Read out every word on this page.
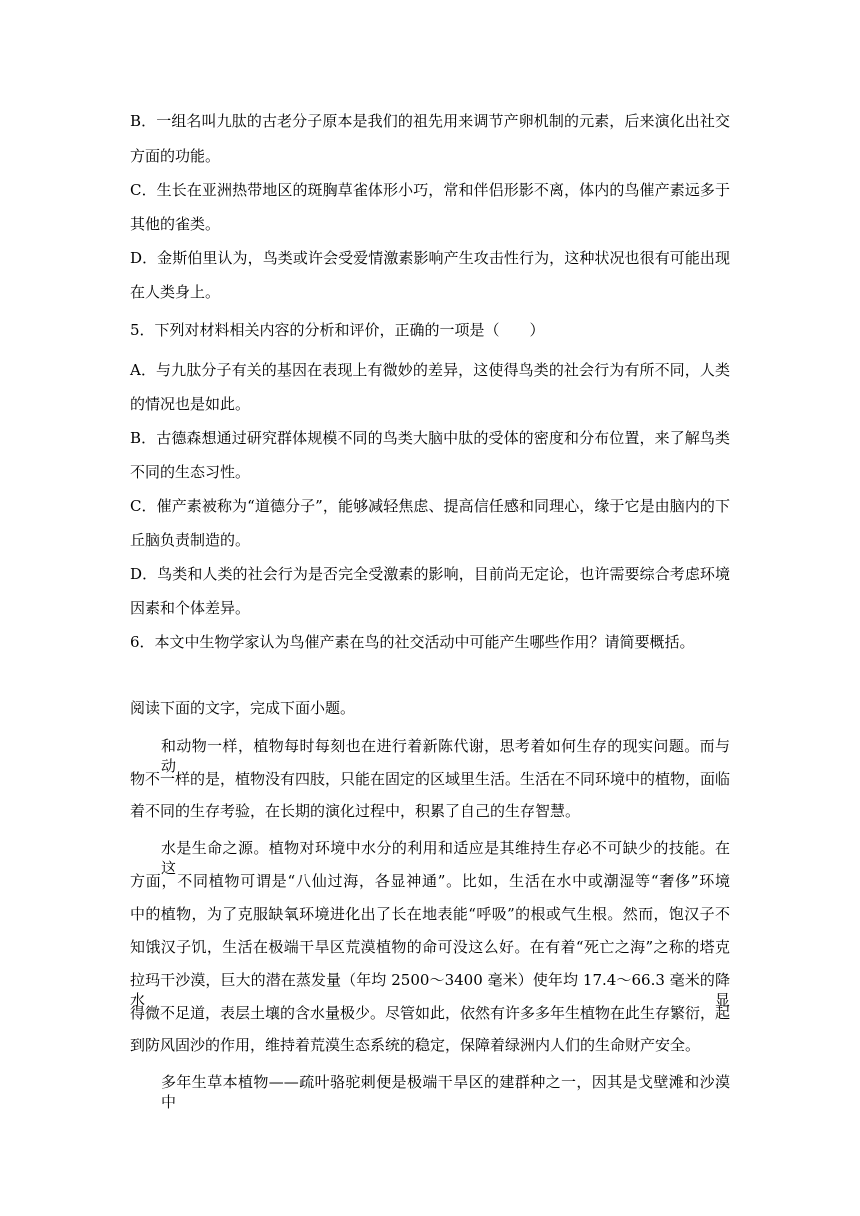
B．一组名叫九肽的古老分子原本是我们的祖先用来调节产卵机制的元素，后来演化出社交
方面的功能。
C．生长在亚洲热带地区的斑胸草雀体形小巧，常和伴侣形影不离，体内的鸟催产素远多于
其他的雀类。
D．金斯伯里认为，鸟类或许会受爱情激素影响产生攻击性行为，这种状况也很有可能出现
在人类身上。
5．下列对材料相关内容的分析和评价，正确的一项是（　　）
A．与九肽分子有关的基因在表现上有微妙的差异，这使得鸟类的社会行为有所不同，人类
的情况也是如此。
B．古德森想通过研究群体规模不同的鸟类大脑中肽的受体的密度和分布位置，来了解鸟类
不同的生态习性。
C．催产素被称为“道德分子”，能够减轻焦虑、提高信任感和同理心，缘于它是由脑内的下
丘脑负责制造的。
D．鸟类和人类的社会行为是否完全受激素的影响，目前尚无定论，也许需要综合考虑环境
因素和个体差异。
6．本文中生物学家认为鸟催产素在鸟的社交活动中可能产生哪些作用？请简要概括。
阅读下面的文字，完成下面小题。
和动物一样，植物每时每刻也在进行着新陈代谢，思考着如何生存的现实问题。而与动
物不一样的是，植物没有四肢，只能在固定的区域里生活。生活在不同环境中的植物，面临
着不同的生存考验，在长期的演化过程中，积累了自己的生存智慧。
水是生命之源。植物对环境中水分的利用和适应是其维持生存必不可缺少的技能。在这
方面，不同植物可谓是“八仙过海，各显神通”。比如，生活在水中或潮湿等“奢侈”环境
中的植物，为了克服缺氧环境进化出了长在地表能“呼吸”的根或气生根。然而，饱汉子不
知饿汉子饥，生活在极端干旱区荒漠植物的命可没这么好。在有着“死亡之海”之称的塔克
拉玛干沙漠，巨大的潜在蒸发量（年均 2500～3400 毫米）使年均 17.4～66.3 毫米的降水显
得微不足道，表层土壤的含水量极少。尽管如此，依然有许多多年生植物在此生存繁衍，起
到防风固沙的作用，维持着荒漠生态系统的稳定，保障着绿洲内人们的生命财产安全。
多年生草本植物——疏叶骆驼刺便是极端干旱区的建群种之一，因其是戈壁滩和沙漠中
